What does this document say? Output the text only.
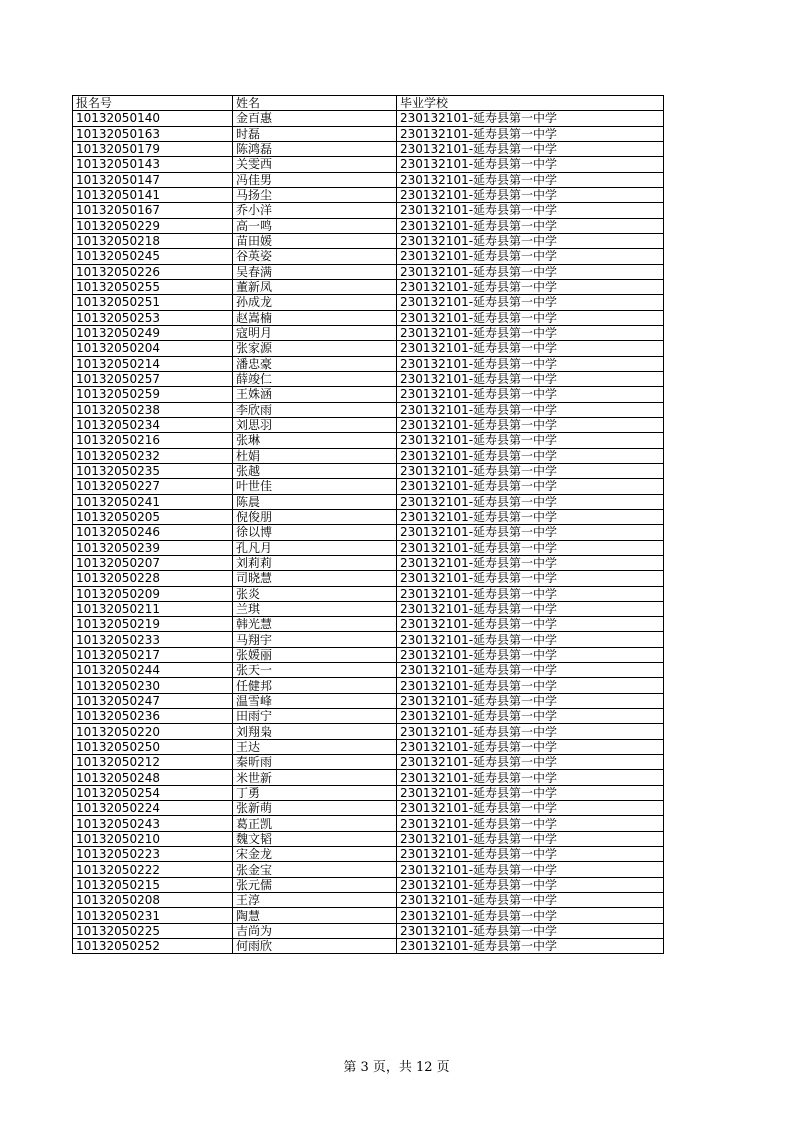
报名号	姓名	毕业学校
10132050140	金百惠	230132101-延寿县第一中学
10132050163	时磊	230132101-延寿县第一中学
10132050179	陈鸿磊	230132101-延寿县第一中学
10132050143	关雯西	230132101-延寿县第一中学
10132050147	冯佳男	230132101-延寿县第一中学
10132050141	马扬尘	230132101-延寿县第一中学
10132050167	乔小洋	230132101-延寿县第一中学
10132050229	高一鸣	230132101-延寿县第一中学
10132050218	苗田媛	230132101-延寿县第一中学
10132050245	谷英姿	230132101-延寿县第一中学
10132050226	吴春满	230132101-延寿县第一中学
10132050255	董新凤	230132101-延寿县第一中学
10132050251	孙成龙	230132101-延寿县第一中学
10132050253	赵嵩楠	230132101-延寿县第一中学
10132050249	寇明月	230132101-延寿县第一中学
10132050204	张家源	230132101-延寿县第一中学
10132050214	潘忠豪	230132101-延寿县第一中学
10132050257	薛竣仁	230132101-延寿县第一中学
10132050259	王姝涵	230132101-延寿县第一中学
10132050238	李欣雨	230132101-延寿县第一中学
10132050234	刘思羽	230132101-延寿县第一中学
10132050216	张琳	230132101-延寿县第一中学
10132050232	杜娟	230132101-延寿县第一中学
10132050235	张越	230132101-延寿县第一中学
10132050227	叶世佳	230132101-延寿县第一中学
10132050241	陈晨	230132101-延寿县第一中学
10132050205	倪俊朋	230132101-延寿县第一中学
10132050246	徐以博	230132101-延寿县第一中学
10132050239	孔凡月	230132101-延寿县第一中学
10132050207	刘莉莉	230132101-延寿县第一中学
10132050228	司晓慧	230132101-延寿县第一中学
10132050209	张炎	230132101-延寿县第一中学
10132050211	兰琪	230132101-延寿县第一中学
10132050219	韩光慧	230132101-延寿县第一中学
10132050233	马翔宇	230132101-延寿县第一中学
10132050217	张媛丽	230132101-延寿县第一中学
10132050244	张天一	230132101-延寿县第一中学
10132050230	任健邦	230132101-延寿县第一中学
10132050247	温雪峰	230132101-延寿县第一中学
10132050236	田雨宁	230132101-延寿县第一中学
10132050220	刘翔枭	230132101-延寿县第一中学
10132050250	王达	230132101-延寿县第一中学
10132050212	秦昕雨	230132101-延寿县第一中学
10132050248	米世新	230132101-延寿县第一中学
10132050254	丁勇	230132101-延寿县第一中学
10132050224	张新萌	230132101-延寿县第一中学
10132050243	葛正凯	230132101-延寿县第一中学
10132050210	魏文韬	230132101-延寿县第一中学
10132050223	宋金龙	230132101-延寿县第一中学
10132050222	张金宝	230132101-延寿县第一中学
10132050215	张元儒	230132101-延寿县第一中学
10132050208	王淳	230132101-延寿县第一中学
10132050231	陶慧	230132101-延寿县第一中学
10132050225	吉尚为	230132101-延寿县第一中学
10132050252	何雨欣	230132101-延寿县第一中学
第 3 页，共 12 页
